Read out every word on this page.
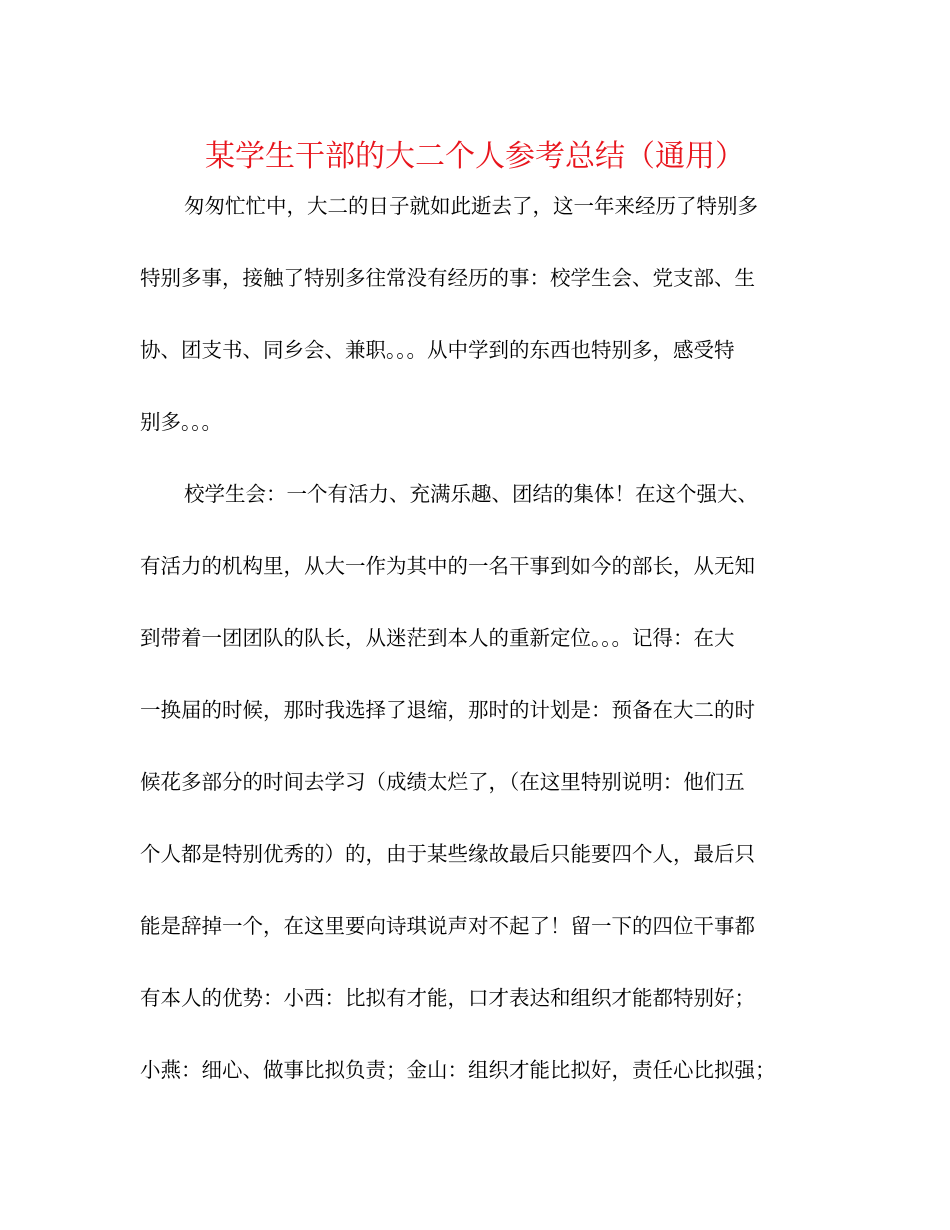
某学生干部的大二个人参考总结（通用）
匆匆忙忙中，大二的日子就如此逝去了，这一年来经历了特别多
特别多事，接触了特别多往常没有经历的事：校学生会、党支部、生
协、团支书、同乡会、兼职。。。从中学到的东西也特别多，感受特
别多。。。
校学生会：一个有活力、充满乐趣、团结的集体！在这个强大、
有活力的机构里，从大一作为其中的一名干事到如今的部长，从无知
到带着一团团队的队长，从迷茫到本人的重新定位。。。记得：在大
一换届的时候，那时我选择了退缩，那时的计划是：预备在大二的时
候花多部分的时间去学习（成绩太烂了，（在这里特别说明：他们五
个人都是特别优秀的）的，由于某些缘故最后只能要四个人，最后只
能是辞掉一个，在这里要向诗琪说声对不起了！留一下的四位干事都
有本人的优势：小西：比拟有才能，口才表达和组织才能都特别好；
小燕：细心、做事比拟负责；金山：组织才能比拟好，责任心比拟强；
